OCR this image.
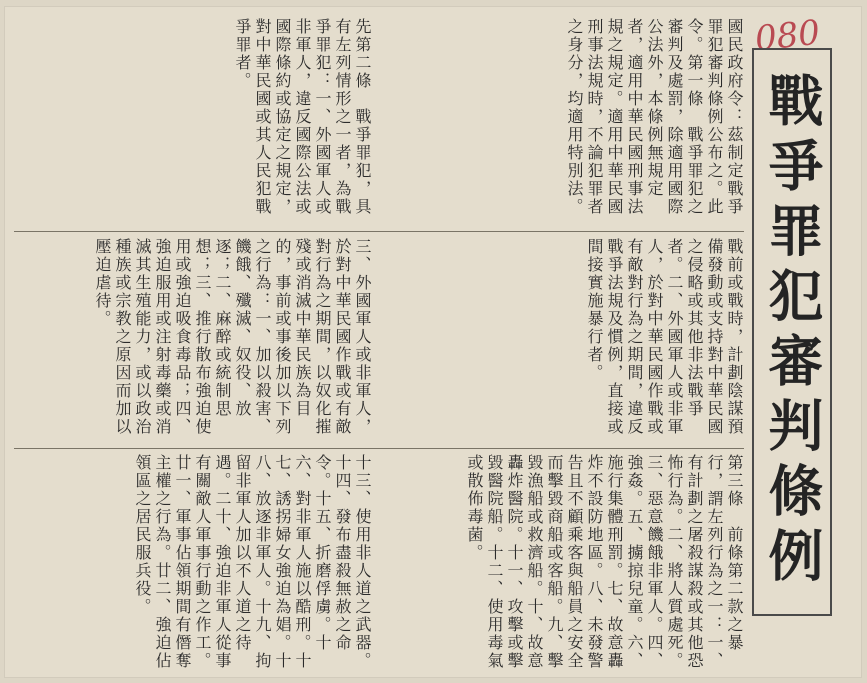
080
戰爭罪犯審判條例

國民政府令：茲制定戰爭罪犯審判條例公布之。此令。第一條　戰爭罪犯之審判及處罰，除適用國際公法外，本條例無規定者，適用中華民國刑事法規之規定。適用中華民國刑事法規時，不論犯罪者之身分，均適用特別法。

先第二條　戰爭罪犯，具有左列情形之一者，為戰爭罪犯：一、外國軍人或非軍人，違反國際公法或國際條約或協定之規定，對中華民國或其人民犯戰爭罪者。

戰前或戰時，計劃陰謀預備發動或支持對中華民國之侵略或其他非法戰爭者。二、外國軍人或非軍人，於對中華民國作戰或有敵對行為之期間，違反戰爭法規及慣例，直接或間接實施暴行者。

三、外國軍人或非軍人，於對中華民國作戰或有敵對行為之期間，以奴化摧殘或消滅中華民族為目的，事前或事後加以下列之行為：一、加以殺害、饑餓、殲滅、奴役、放逐；二、麻醉或統制思想；三、推行散布強迫使用或強迫吸食毒品；四、強迫服用或注射毒藥或消滅其生殖能力，或以政治種族或宗教之原因而加以壓迫虐待。

第三條　前條第二款之暴行，謂左列行為之一：一、有計劃之屠殺謀殺或其他恐怖行為。二、將人質處死。三、惡意饑餓非軍人。四、強姦。五、擄掠兒童。六、施行集體刑罰。七、故意轟炸不設防地區。八、未發警告且不顧乘客與船員之安全而擊毀商船或客船。九、擊毀漁船或救濟船。十、故意轟炸醫院。十一、攻擊或擊毀醫院船。十二、使用毒氣或散佈毒菌。

十三、使用非人道之武器。十四、發布盡殺無赦之命令。十五、折磨俘虜。十六、對非軍人施以酷刑。十七、誘拐婦女強迫為娼。十八、放逐非軍人。十九、拘留非軍人加以不人道之待遇。二十、強迫非軍人從事有關敵人軍事行動之作工。廿一、軍事佔領期間有僭奪主權之行為。廿二、強迫佔領區之居民服兵役。
